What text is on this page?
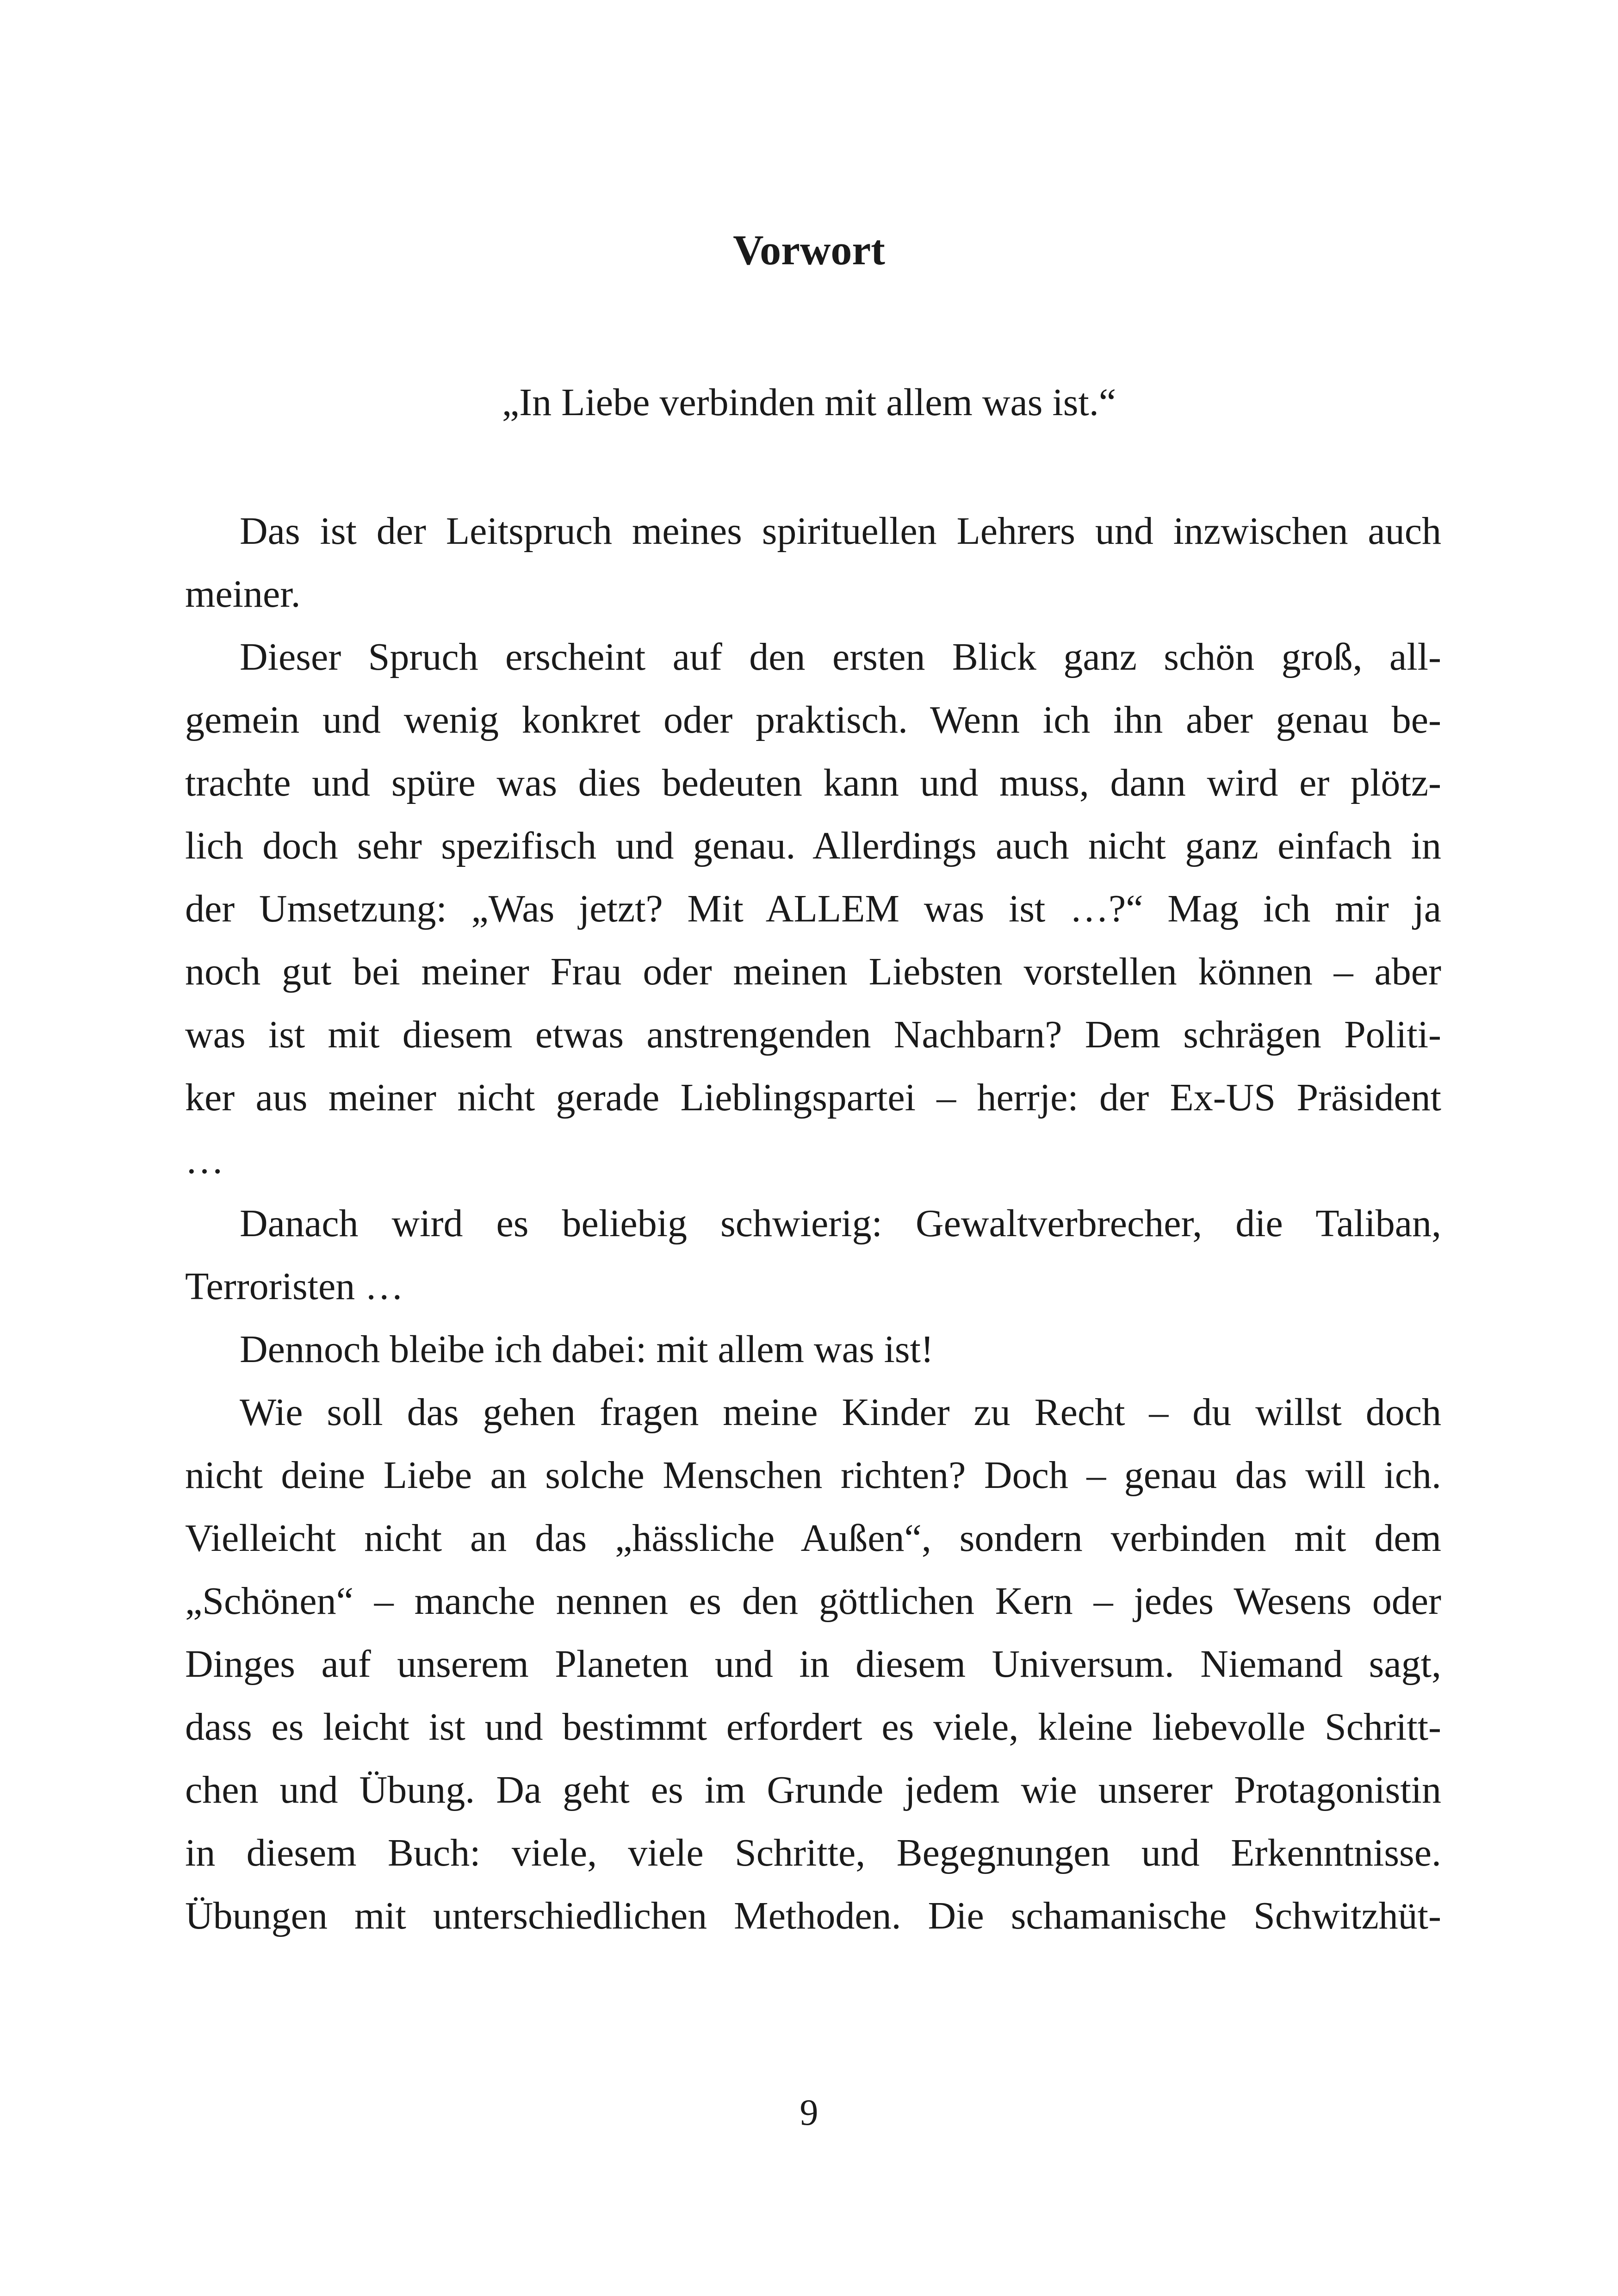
Vorwort

„In Liebe verbinden mit allem was ist.“

Das ist der Leitspruch meines spirituellen Lehrers und inzwischen auch
meiner.
Dieser Spruch erscheint auf den ersten Blick ganz schön groß, all-
gemein und wenig konkret oder praktisch. Wenn ich ihn aber genau be-
trachte und spüre was dies bedeuten kann und muss, dann wird er plötz-
lich doch sehr spezifisch und genau. Allerdings auch nicht ganz einfach in
der Umsetzung: „Was jetzt? Mit ALLEM was ist …?“ Mag ich mir ja
noch gut bei meiner Frau oder meinen Liebsten vorstellen können – aber
was ist mit diesem etwas anstrengenden Nachbarn? Dem schrägen Politi-
ker aus meiner nicht gerade Lieblingspartei – herrje: der Ex-US Präsident
…
Danach wird es beliebig schwierig: Gewaltverbrecher, die Taliban,
Terroristen …
Dennoch bleibe ich dabei: mit allem was ist!
Wie soll das gehen fragen meine Kinder zu Recht – du willst doch
nicht deine Liebe an solche Menschen richten? Doch – genau das will ich.
Vielleicht nicht an das „hässliche Außen“, sondern verbinden mit dem
„Schönen“ – manche nennen es den göttlichen Kern – jedes Wesens oder
Dinges auf unserem Planeten und in diesem Universum. Niemand sagt,
dass es leicht ist und bestimmt erfordert es viele, kleine liebevolle Schritt-
chen und Übung. Da geht es im Grunde jedem wie unserer Protagonistin
in diesem Buch: viele, viele Schritte, Begegnungen und Erkenntnisse.
Übungen mit unterschiedlichen Methoden. Die schamanische Schwitzhüt-
9
